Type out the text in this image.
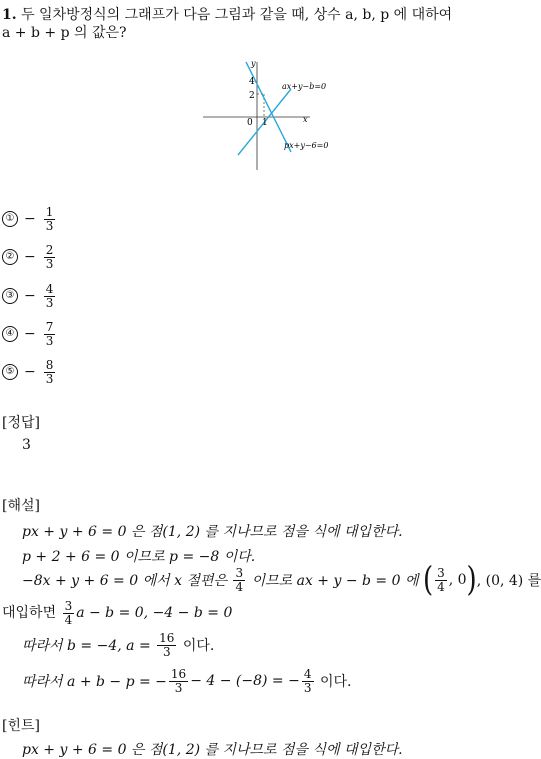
1. 두 일차방정식의 그래프가 다음 그림과 같을 때, 상수 a, b, p 에 대하여
a + b + p 의 값은?
y
x
0 1
2
4	ax+y−b=0
px+y−6=0
① − $\frac{1}{3}$
② − $\frac{2}{3}$
③ − $\frac{4}{3}$
④ − $\frac{7}{3}$
⑤ − $\frac{8}{3}$
[정답]
3
[해설]
px + y + 6 = 0 은 점(1, 2) 를 지나므로 점을 식에 대입한다.
p + 2 + 6 = 0 이므로 p = −8 이다.
−8x + y + 6 = 0 에서 x 절편은
$\frac{3}{4}$
이므로 ax + y − b = 0 에
( $\frac{3}{4}$ , 0 ) , (0, 4) 를
대입하면
$\frac{3}{4}$ a − b = 0, −4 − b = 0
따라서 b = −4, a =
$\frac{16}{3}$
이다.
따라서 a + b − p = − $\frac{16}{3} - 4 - (-8)$ = − $\frac{4}{3}$
이다.
[힌트]
px + y + 6 = 0 은 점(1, 2) 를 지나므로 점을 식에 대입한다.
